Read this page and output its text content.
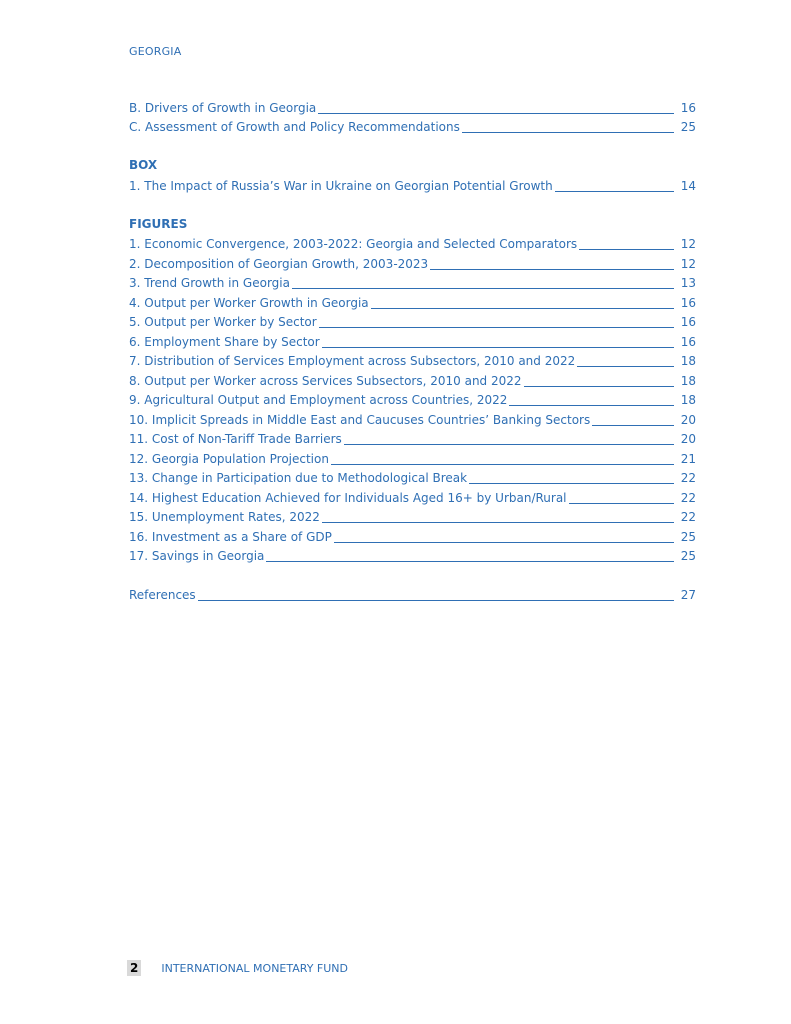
GEORGIA
B. Drivers of Growth in Georgia	16
C. Assessment of Growth and Policy Recommendations	25
BOX
1. The Impact of Russia’s War in Ukraine on Georgian Potential Growth	14
FIGURES
1. Economic Convergence, 2003-2022: Georgia and Selected Comparators	12
2. Decomposition of Georgian Growth, 2003-2023	12
3. Trend Growth in Georgia	13
4. Output per Worker Growth in Georgia	16
5. Output per Worker by Sector	16
6. Employment Share by Sector	16
7. Distribution of Services Employment across Subsectors, 2010 and 2022	18
8. Output per Worker across Services Subsectors, 2010 and 2022	18
9. Agricultural Output and Employment across Countries, 2022	18
10. Implicit Spreads in Middle East and Caucuses Countries’ Banking Sectors	20
11. Cost of Non-Tariff Trade Barriers	20
12. Georgia Population Projection	21
13. Change in Participation due to Methodological Break	22
14. Highest Education Achieved for Individuals Aged 16+ by Urban/Rural	22
15. Unemployment Rates, 2022	22
16. Investment as a Share of GDP	25
17. Savings in Georgia	25
References	27
2 INTERNATIONAL MONETARY FUND
